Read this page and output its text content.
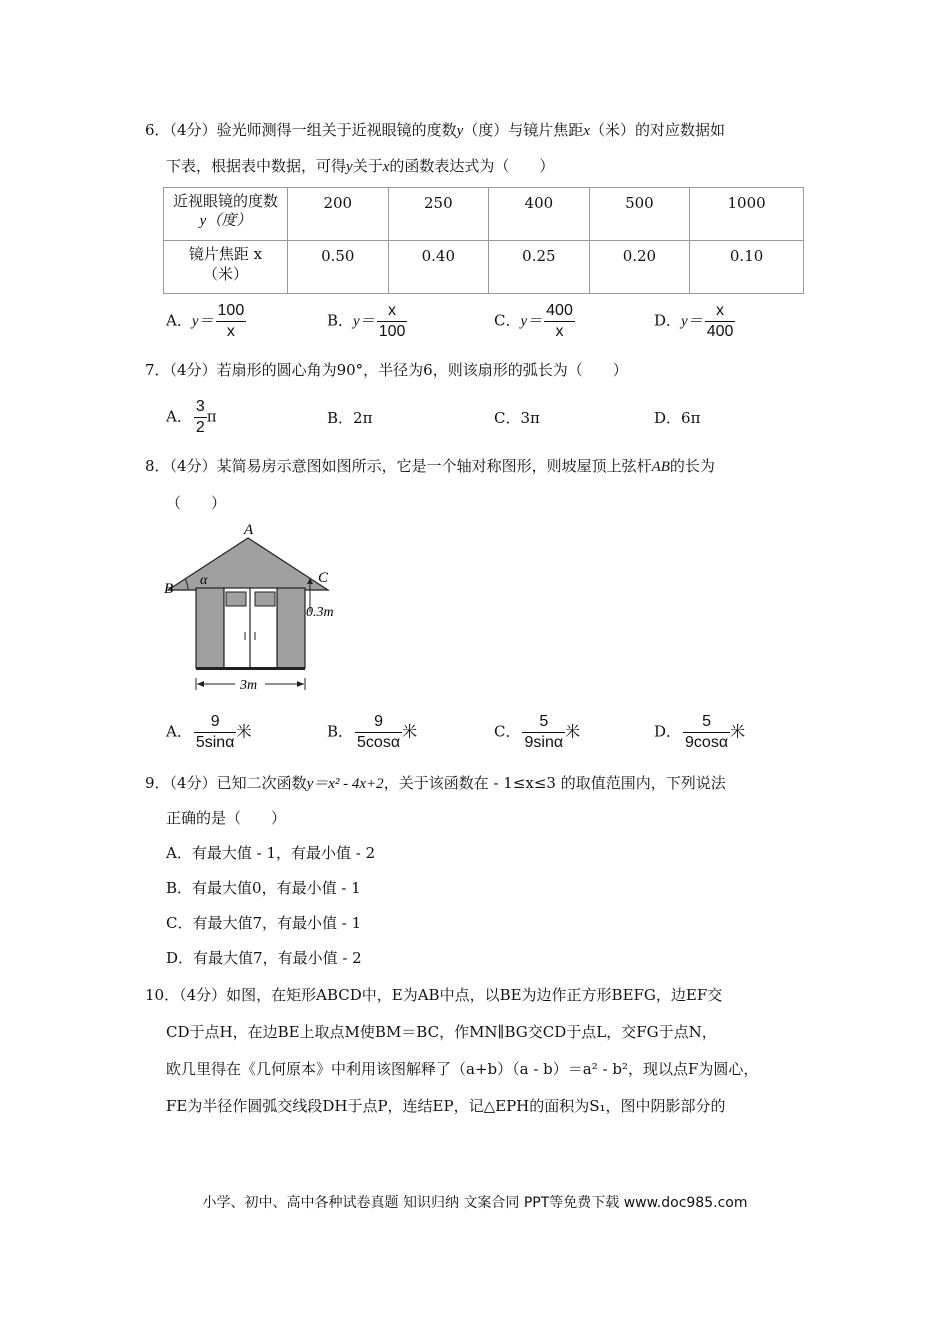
6．（4分）验光师测得一组关于近视眼镜的度数y（度）与镜片焦距x（米）的对应数据如
下表，根据表中数据，可得y关于x的函数表达式为（　　）
近视眼镜的度数
y（度）	200	250	400	500	1000

镜片焦距 x
（米）	0.50	0.40	0.25	0.20	0.10
A．$y= \frac{100}{x}$	B．$y= \frac{x}{100}$	C．$y= \frac{400}{x}$	D．$y= \frac{x}{400}$
7．（4分）若扇形的圆心角为90°，半径为6，则该扇形的弧长为（　　）
A． $\frac{3}{2}$ π	B．2π	C．3π	D．6π
8．（4分）某简易房示意图如图所示，它是一个轴对称图形，则坡屋顶上弦杆AB的长为
（　　）
A
B
C
α
0.3m
3m
A． $\frac{9}{5\sin\alpha}$ 米	B． $\frac{9}{5\cos\alpha}$ 米	C． $\frac{5}{9\sin\alpha}$ 米	D． $\frac{5}{9\cos\alpha}$ 米
9．（4分）已知二次函数y＝x² - 4x+2，关于该函数在 - 1≤x≤3 的取值范围内，下列说法
正确的是（　　）
A．有最大值 - 1，有最小值 - 2
B．有最大值0，有最小值 - 1
C．有最大值7，有最小值 - 1
D．有最大值7，有最小值 - 2
10．（4分）如图，在矩形ABCD中，E为AB中点，以BE为边作正方形BEFG，边EF交
CD于点H，在边BE上取点M使BM＝BC，作MN∥BG交CD于点L，交FG于点N，
欧几里得在《几何原本》中利用该图解释了（a+b）（a - b）＝a² - b²，现以点F为圆心，
FE为半径作圆弧交线段DH于点P，连结EP，记△EPH的面积为S₁，图中阴影部分的
小学、初中、高中各种试卷真题 知识归纳 文案合同 PPT等免费下载 www.doc985.com
